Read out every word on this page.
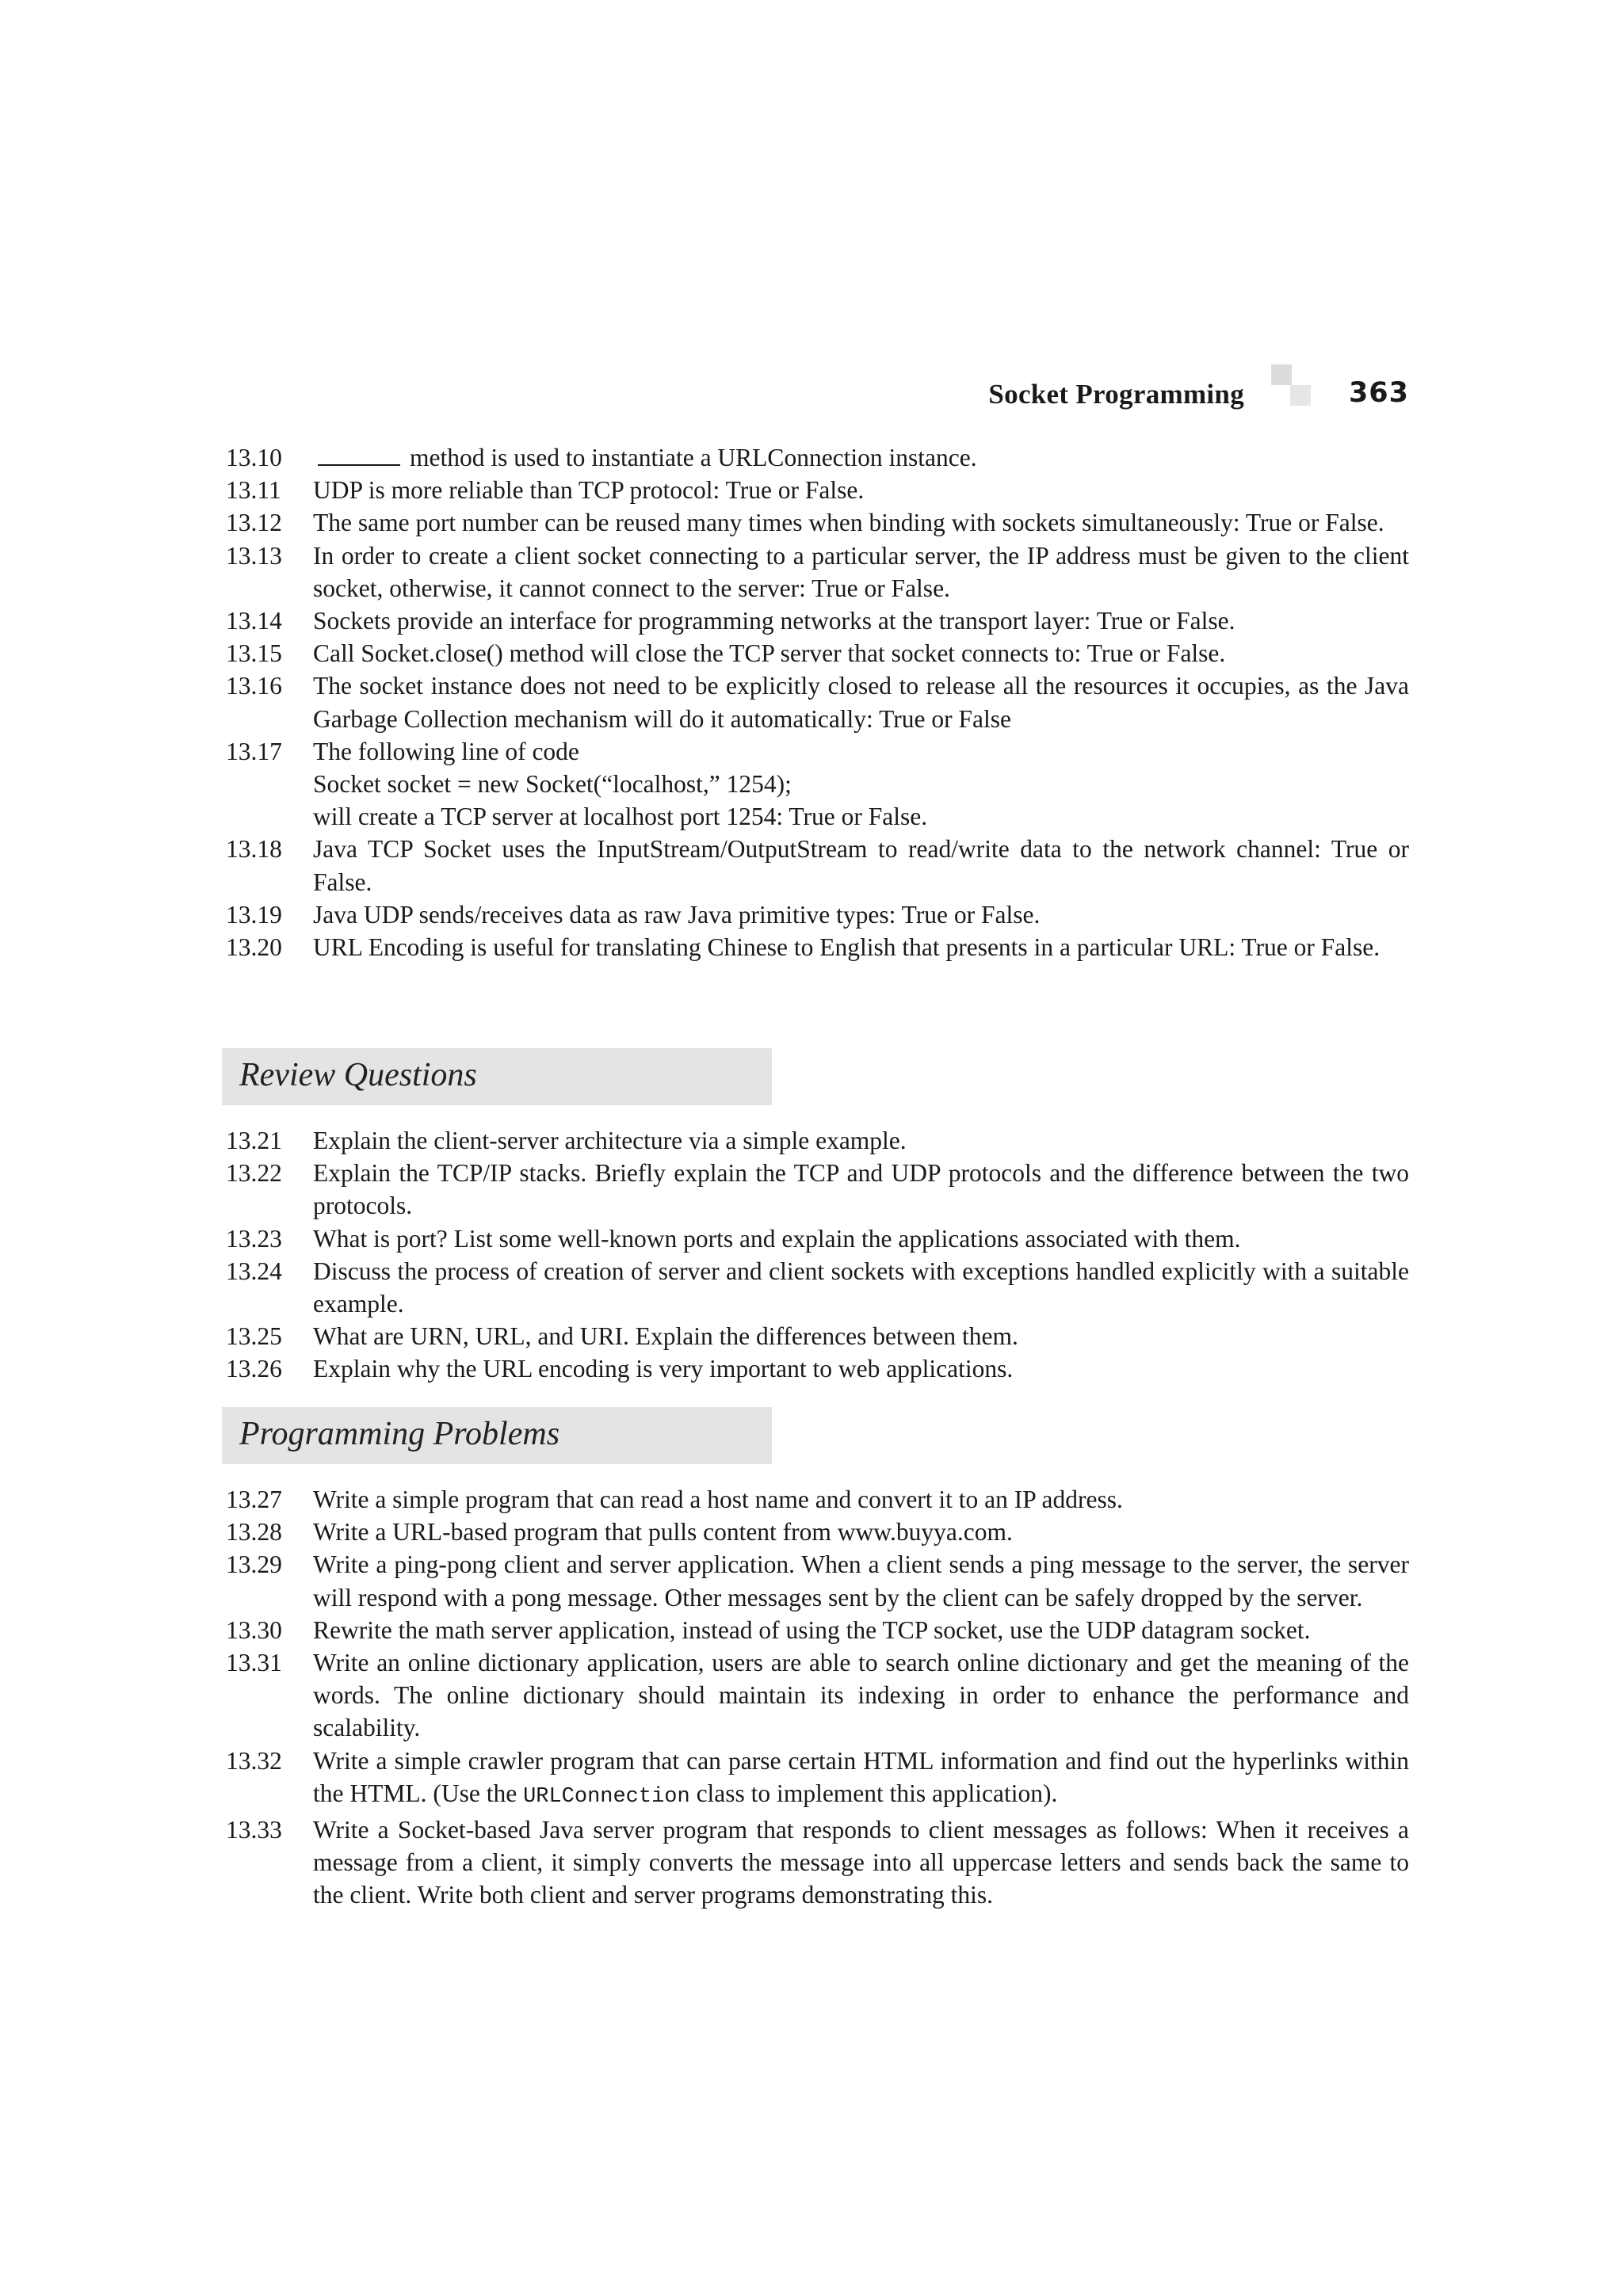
Socket Programming	363
13.10	method is used to instantiate a URLConnection instance.
13.11 UDP is more reliable than TCP protocol: True or False.
13.12 The same port number can be reused many times when binding with sockets simultaneously: True or False.
13.13 In order to create a client socket connecting to a particular server, the IP address must be given to the client socket, otherwise, it cannot connect to the server: True or False.
13.14 Sockets provide an interface for programming networks at the transport layer: True or False.
13.15 Call Socket.close() method will close the TCP server that socket connects to: True or False.
13.16 The socket instance does not need to be explicitly closed to release all the resources it occupies, as the Java Garbage Collection mechanism will do it automatically: True or False
13.17 The following line of code
Socket socket = new Socket(“localhost,” 1254);
will create a TCP server at localhost port 1254: True or False.
13.18 Java TCP Socket uses the InputStream/OutputStream to read/write data to the network channel: True or False.
13.19 Java UDP sends/receives data as raw Java primitive types: True or False.
13.20 URL Encoding is useful for translating Chinese to English that presents in a particular URL: True or False.
Review Questions
13.21 Explain the client-server architecture via a simple example.
13.22 Explain the TCP/IP stacks. Briefly explain the TCP and UDP protocols and the difference between the two protocols.
13.23 What is port? List some well-known ports and explain the applications associated with them.
13.24 Discuss the process of creation of server and client sockets with exceptions handled explicitly with a suitable example.
13.25 What are URN, URL, and URI. Explain the differences between them.
13.26 Explain why the URL encoding is very important to web applications.
Programming Problems
13.27 Write a simple program that can read a host name and convert it to an IP address.
13.28 Write a URL-based program that pulls content from www.buyya.com.
13.29 Write a ping-pong client and server application. When a client sends a ping message to the server, the server will respond with a pong message. Other messages sent by the client can be safely dropped by the server.
13.30 Rewrite the math server application, instead of using the TCP socket, use the UDP datagram socket.
13.31 Write an online dictionary application, users are able to search online dictionary and get the meaning of the words. The online dictionary should maintain its indexing in order to enhance the performance and scalability.
13.32 Write a simple crawler program that can parse certain HTML information and find out the hyperlinks within the HTML. (Use the URLConnection class to implement this application).
13.33 Write a Socket-based Java server program that responds to client messages as follows: When it receives a message from a client, it simply converts the message into all uppercase letters and sends back the same to the client. Write both client and server programs demonstrating this.
